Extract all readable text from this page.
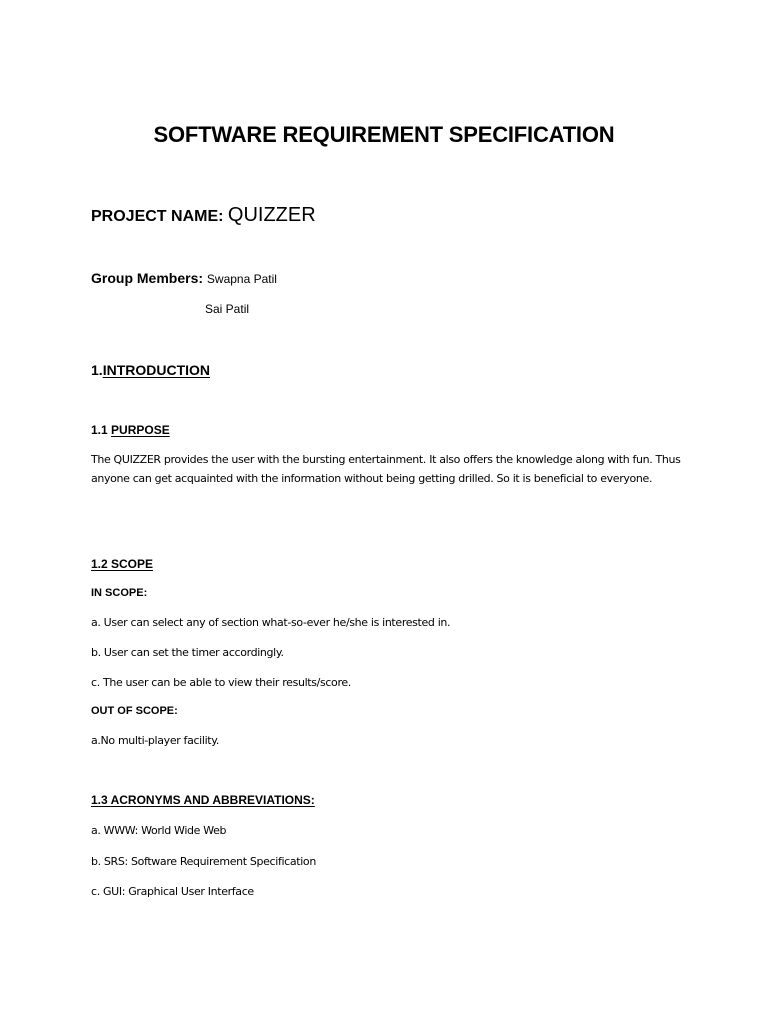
SOFTWARE REQUIREMENT SPECIFICATION
PROJECT NAME: QUIZZER
Group Members: Swapna Patil
Sai Patil
1.INTRODUCTION
1.1 PURPOSE
The QUIZZER provides the user with the bursting entertainment. It also offers the knowledge along with fun. Thus
anyone can get acquainted with the information without being getting drilled. So it is beneficial to everyone.
1.2 SCOPE
IN SCOPE:
a. User can select any of section what-so-ever he/she is interested in.
b. User can set the timer accordingly.
c. The user can be able to view their results/score.
OUT OF SCOPE:
a.No multi-player facility.
1.3 ACRONYMS AND ABBREVIATIONS:
a. WWW: World Wide Web
b. SRS: Software Requirement Specification
c. GUI: Graphical User Interface
